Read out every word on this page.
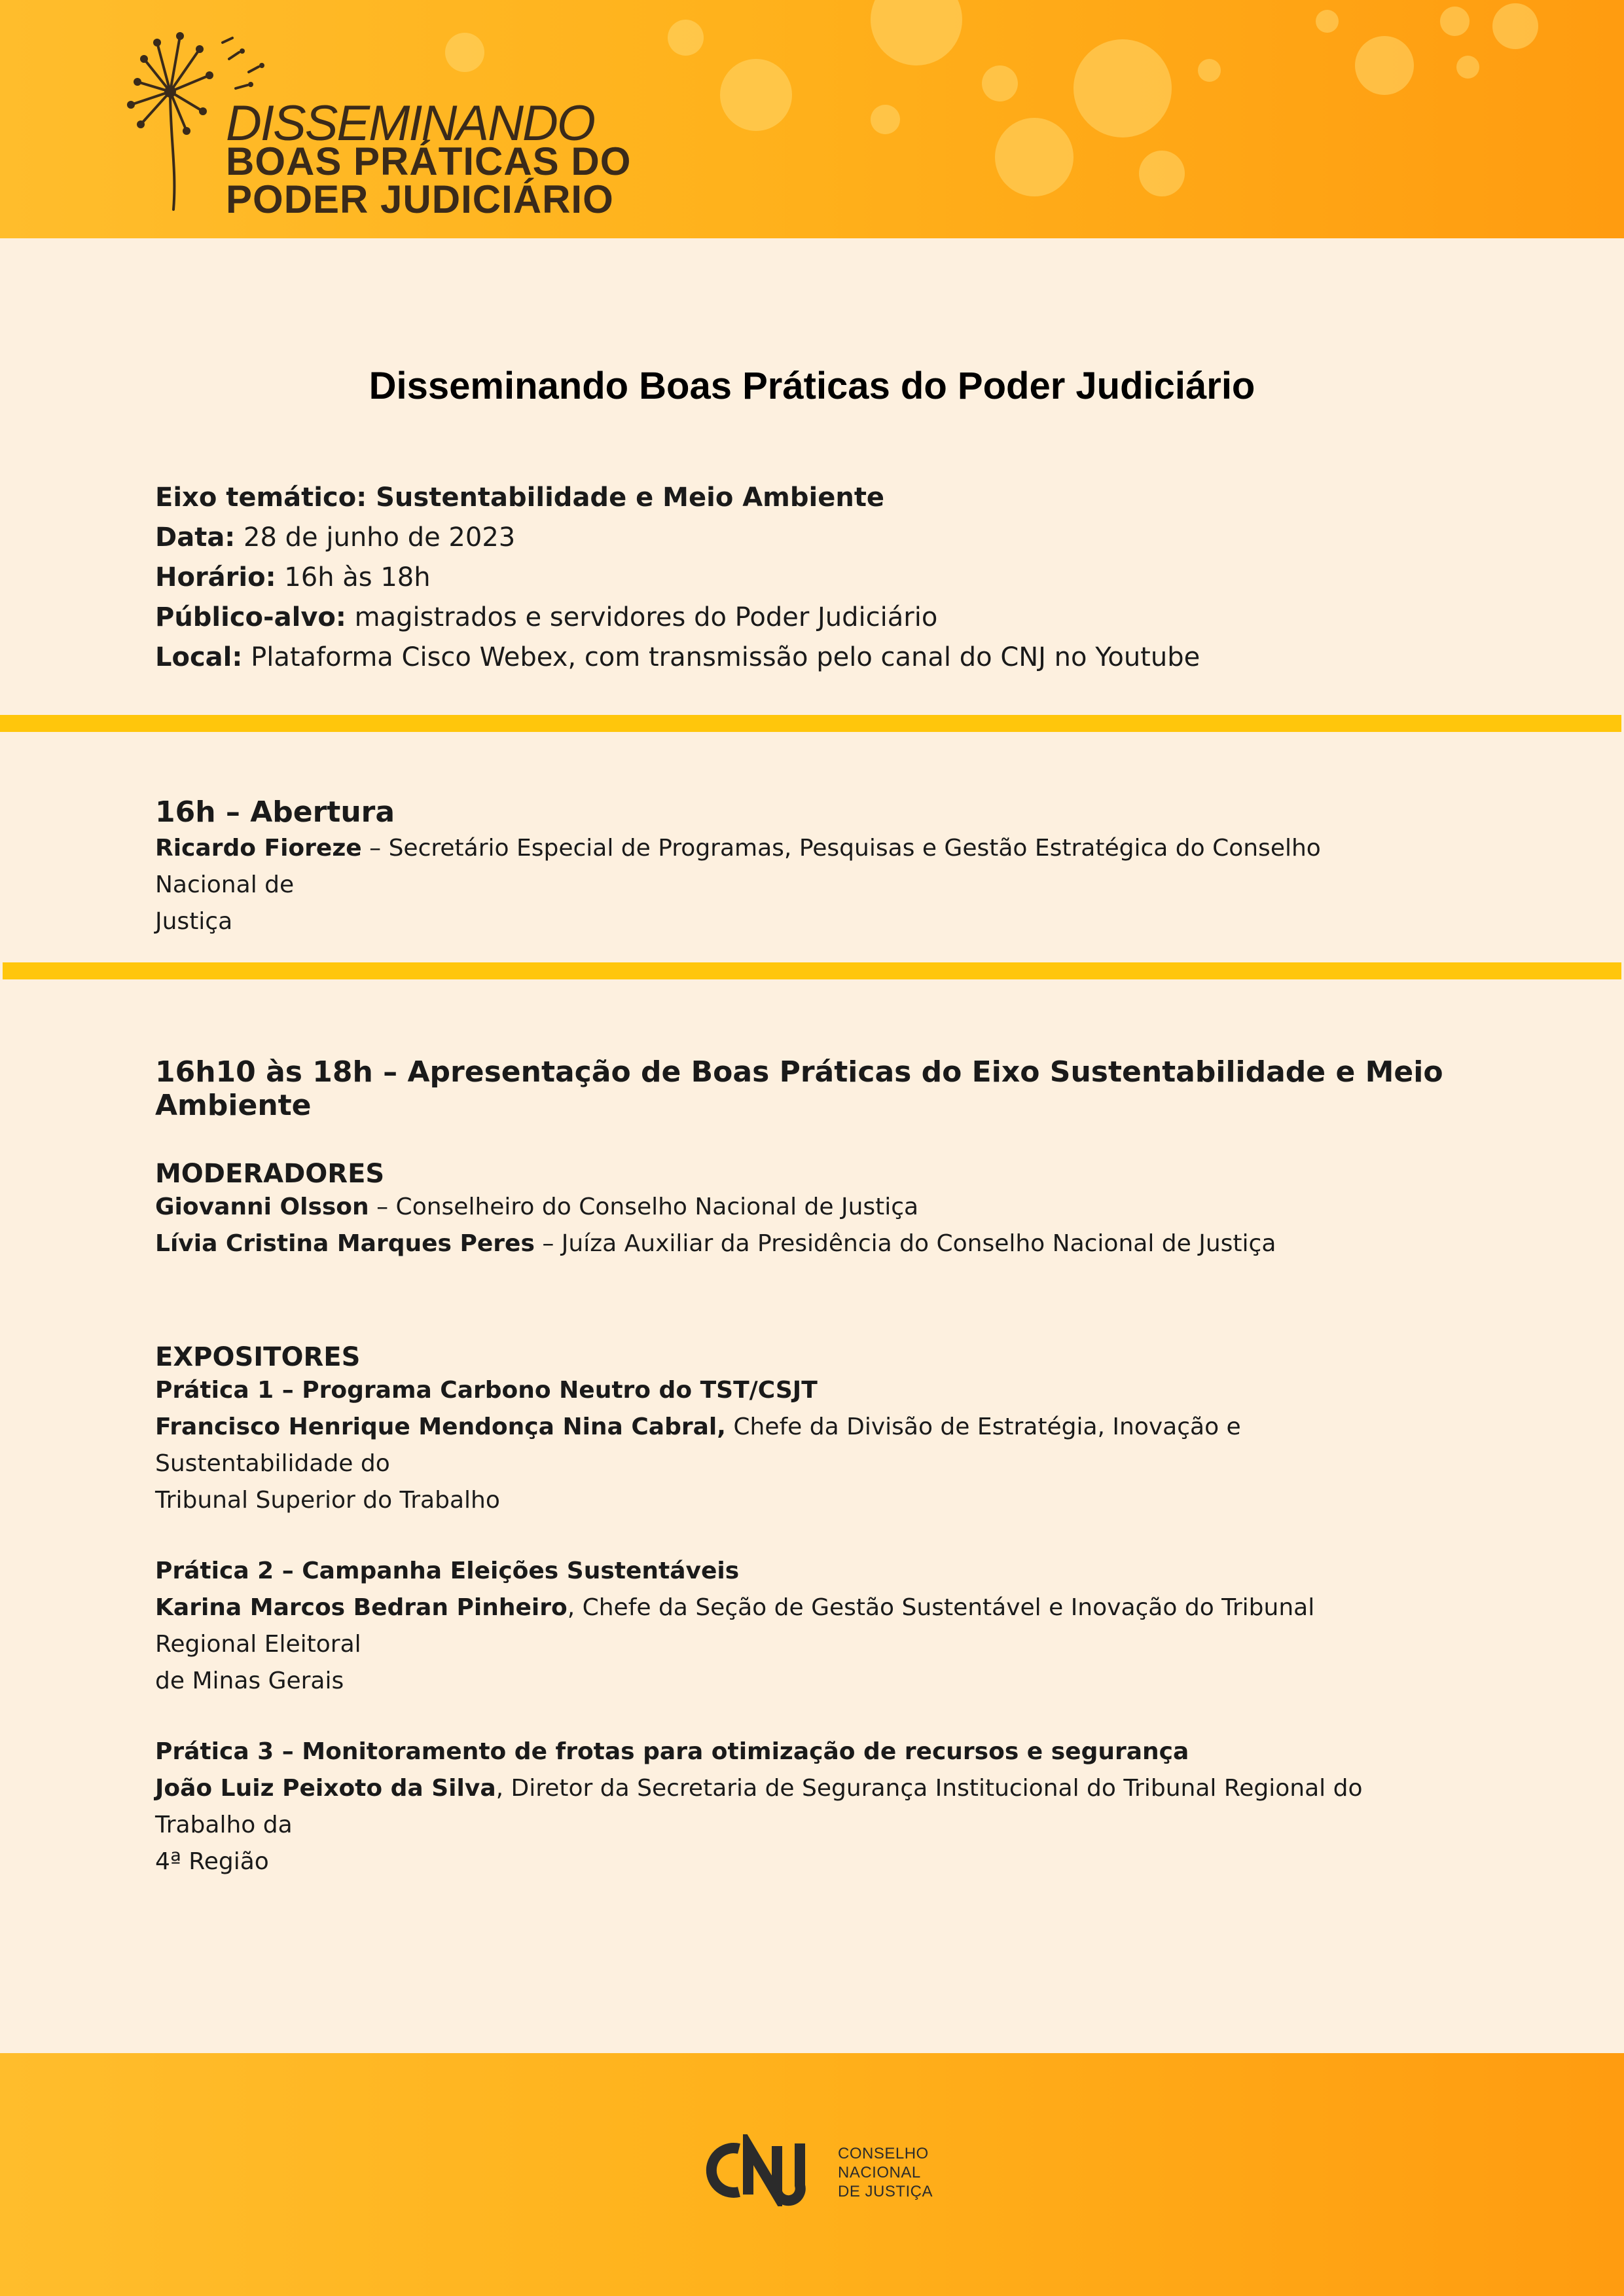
DISSEMINANDO
BOAS PRÁTICAS DO
PODER JUDICIÁRIO
Disseminando Boas Práticas do Poder Judiciário
Eixo temático: Sustentabilidade e Meio Ambiente
Data: 28 de junho de 2023
Horário: 16h às 18h
Público-alvo: magistrados e servidores do Poder Judiciário
Local: Plataforma Cisco Webex, com transmissão pelo canal do CNJ no Youtube
16h – Abertura
Ricardo Fioreze – Secretário Especial de Programas, Pesquisas e Gestão Estratégica do Conselho Nacional de
Justiça
16h10 às 18h – Apresentação de Boas Práticas do Eixo Sustentabilidade e Meio Ambiente
MODERADORES
Giovanni Olsson – Conselheiro do Conselho Nacional de Justiça
Lívia Cristina Marques Peres – Juíza Auxiliar da Presidência do Conselho Nacional de Justiça
EXPOSITORES
Prática 1 – Programa Carbono Neutro do TST/CSJT
Francisco Henrique Mendonça Nina Cabral, Chefe da Divisão de Estratégia, Inovação e Sustentabilidade do
Tribunal Superior do Trabalho
Prática 2 – Campanha Eleições Sustentáveis
Karina Marcos Bedran Pinheiro, Chefe da Seção de Gestão Sustentável e Inovação do Tribunal Regional Eleitoral
de Minas Gerais
Prática 3 – Monitoramento de frotas para otimização de recursos e segurança
João Luiz Peixoto da Silva, Diretor da Secretaria de Segurança Institucional do Tribunal Regional do Trabalho da
4ª Região
CONSELHO
NACIONAL
DE JUSTIÇA
